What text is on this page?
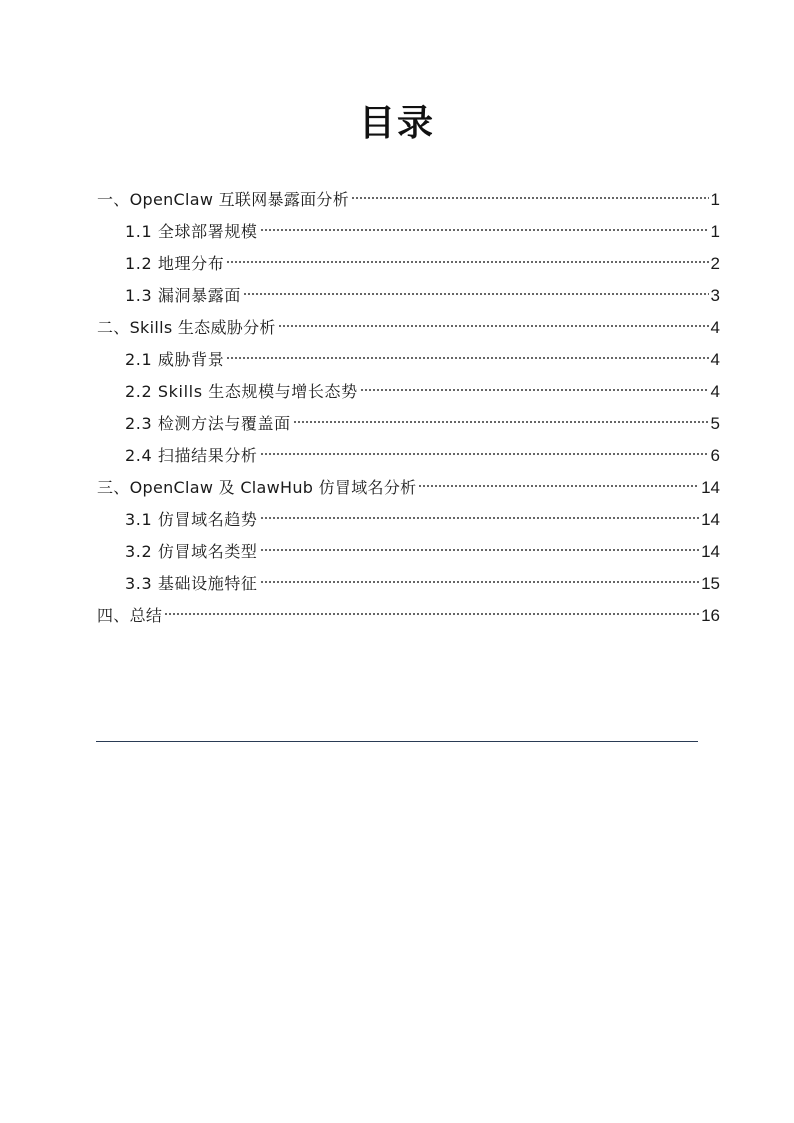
目录
一、OpenClaw 互联网暴露面分析	1
1.1 全球部署规模	1
1.2 地理分布	2
1.3 漏洞暴露面	3
二、Skills 生态威胁分析	4
2.1 威胁背景	4
2.2 Skills 生态规模与增长态势	4
2.3 检测方法与覆盖面	5
2.4 扫描结果分析	6
三、OpenClaw 及 ClawHub 仿冒域名分析	14
3.1 仿冒域名趋势	14
3.2 仿冒域名类型	14
3.3 基础设施特征	15
四、总结	16
